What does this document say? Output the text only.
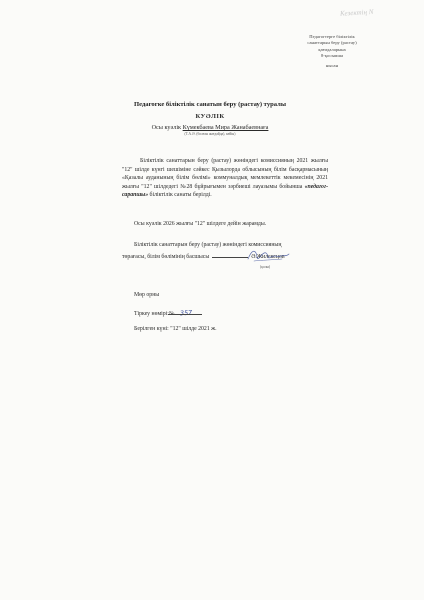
Кезектің N
Педагогтерге біліктілік
санаттарын беру (растау)
қағидаларына
8-қосымша
нысан
Педагогке біліктілік санатын беру (растау) туралы
КУӘЛІК
Осы куәлік Күмекбаева Мира Жанабаевнаға
(Т.А.Ә. (болған жағдайда), кейін)
Біліктілік санаттарын беру (растау) жөніндегі комиссияның 2021 жылғы "12" шілде күнгі шешіміне сәйкес Қызылорда облысының білім басқармасының «Қазалы ауданының білім бөлімі» коммуналдық мемлекеттік мекемесінің 2021 жылғы "12" шілдедегі №28 бұйрығымен зәрбиеші лауазымы бойынша «педагог-сарапшы» біліктілік санаты берілді.
Осы куәлік 2026 жылғы "12" шілдеге дейін жарамды.
Біліктілік санаттарын беру (растау) жөніндегі комиссияның
төрағасы, білім бөлімінің басшысы	Ә.Жилекецов
(қолы)
Мөр орны
Тіркеу нөмірі:№ 357
Берілген күні: "12" шілде 2021 ж.
